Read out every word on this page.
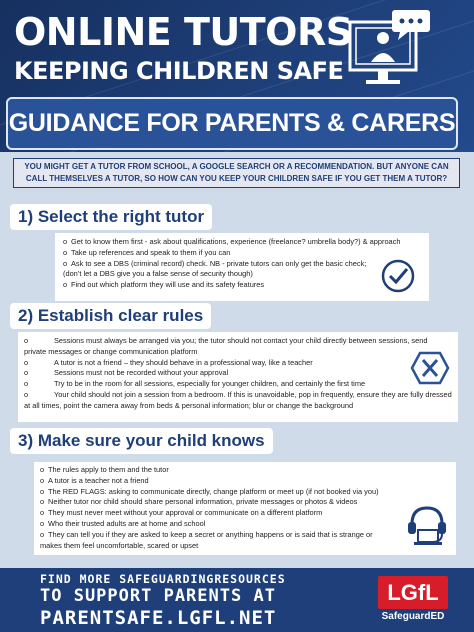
ONLINE TUTORS
KEEPING CHILDREN SAFE
GUIDANCE FOR PARENTS & CARERS
YOU MIGHT GET A TUTOR FROM SCHOOL, A GOOGLE SEARCH OR A RECOMMENDATION. BUT ANYONE CAN CALL THEMSELVES A TUTOR, SO HOW CAN YOU KEEP YOUR CHILDREN SAFE IF YOU GET THEM A TUTOR?
1) Select the right tutor
o Get to know them first - ask about qualifications, experience (freelance? umbrella body?) & approach
o Take up references and speak to them if you can
o Ask to see a DBS (criminal record) check. NB - private tutors can only get the basic check;
(don’t let a DBS give you a false sense of security though)
o Find out which platform they will use and its safety features
2) Establish clear rules
o	Sessions must always be arranged via you; the tutor should not contact your child directly between sessions, send private messages or change communication platform
o	A tutor is not a friend – they should behave in a professional way, like a teacher
o	Sessions must not be recorded without your approval
o	Try to be in the room for all sessions, especially for younger children, and certainly the first time
o	Your child should not join a session from a bedroom. If this is unavoidable, pop in frequently, ensure they are fully dressed at all times, point the camera away from beds & personal information; blur or change the background
3) Make sure your child knows
o The rules apply to them and the tutor
o A tutor is a teacher not a friend
o The RED FLAGS: asking to communicate directly, change platform or meet up (if not booked via you)
o Neither tutor nor child should share personal information, private messages or photos & videos
o They must never meet without your approval or communicate on a different platform
o Who their trusted adults are at home and school
o They can tell you if they are asked to keep a secret or anything happens or is said that is strange or makes them feel uncomfortable, scared or upset
FIND MORE SAFEGUARDINGRESOURCES
TO SUPPORT PARENTS AT
PARENTSAFE.LGFL.NET
LGfL
SafeguardED
